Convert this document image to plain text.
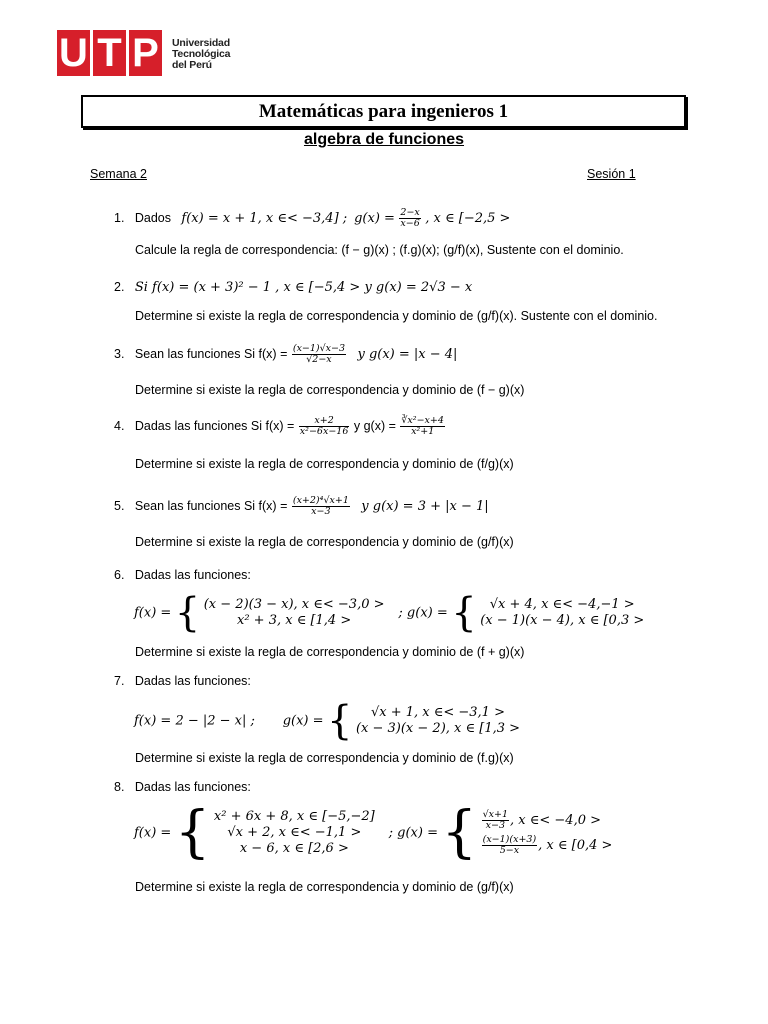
U T P	Universidad
Tecnológica
del Perú
Matemáticas para ingenieros 1
algebra de funciones
Semana 2	Sesión 1
1. Dados f(x) = x + 1, x ∈< −3,4] ; $g(x) = \frac{2-x}{x-6}$ , x ∈ [−2,5 >
Calcule la regla de correspondencia: (f − g)(x) ; (f.g)(x); (g/f)(x), Sustente con el dominio.
2. Si f(x) = (x + 3)² − 1 , x ∈ [−5,4 > y g(x) = 2√3 − x
Determine si existe la regla de correspondencia y dominio de (g/f)(x). Sustente con el dominio.
3. Sean las funciones Si $f(x) = \frac{(x-1)√x-3}{√2-x}$ y g(x) = |x − 4|
Determine si existe la regla de correspondencia y dominio de (f − g)(x)
4. Dadas las funciones Si $f(x) = \frac{x+2}{\text{x²−6x−16}}$ y $g(x) = \frac{\text{∛x²−x+4}}{\text{x²+1}}$
Determine si existe la regla de correspondencia y dominio de (f/g)(x)
5. Sean las funciones Si $f(x) = \frac{\text{(x+2)⁴√x+1}}{x-3}$ y g(x) = 3 + |x − 1|
Determine si existe la regla de correspondencia y dominio de (g/f)(x)
6. Dadas las funciones:
f(x) = { (x − 2)(3 − x), x ∈< −3,0 >
x² + 3, x ∈ [1,4 >
; g(x) = {	√x + 4, x ∈< −4,−1 >
(x − 1)(x − 4), x ∈ [0,3 >
Determine si existe la regla de correspondencia y dominio de (f + g)(x)
7. Dadas las funciones:
f(x) = 2 − |2 − x| ; g(x) = {	√x + 1, x ∈< −3,1 >
(x − 3)(x − 2), x ∈ [1,3 >
Determine si existe la regla de correspondencia y dominio de (f.g)(x)
8. Dadas las funciones:
f(x) = { x² + 6x + 8, x ∈ [−5,−2]
√x + 2, x ∈< −1,1 >
x − 6, x ∈ [2,6 >
; g(x) = { $\frac{√x+1}{x-3}$ , x ∈< −4,0 >
$\frac{(x-1)(x+3)}{5-x}$ , x ∈ [0,4 >
Determine si existe la regla de correspondencia y dominio de (g/f)(x)
